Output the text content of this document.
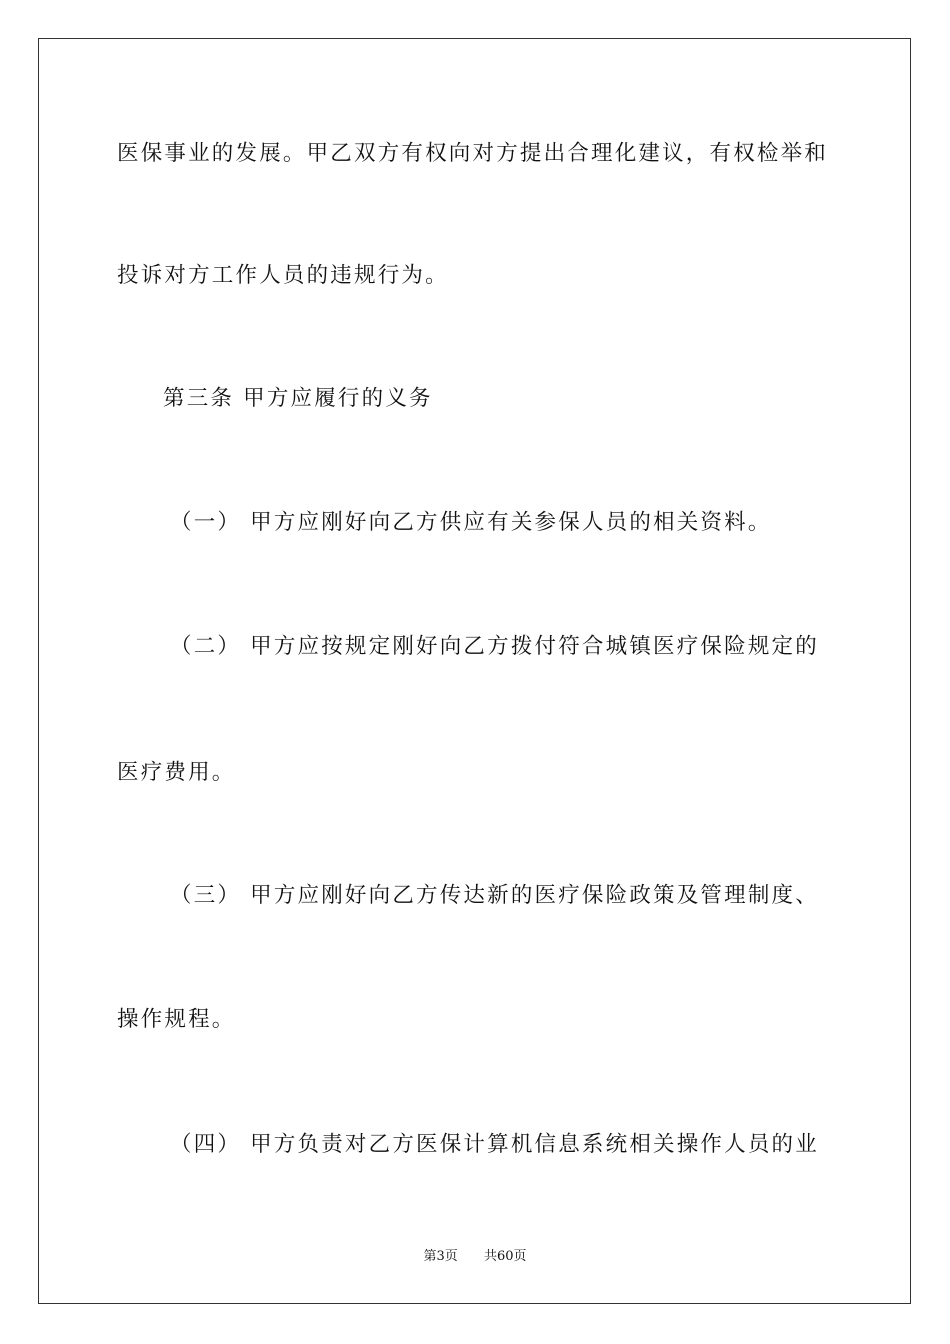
医保事业的发展。甲乙双方有权向对方提出合理化建议，有权检举和
投诉对方工作人员的违规行为。
第三条 甲方应履行的义务
（一） 甲方应刚好向乙方供应有关参保人员的相关资料。
（二） 甲方应按规定刚好向乙方拨付符合城镇医疗保险规定的
医疗费用。
（三） 甲方应刚好向乙方传达新的医疗保险政策及管理制度、
操作规程。
（四） 甲方负责对乙方医保计算机信息系统相关操作人员的业
第3页 共60页
